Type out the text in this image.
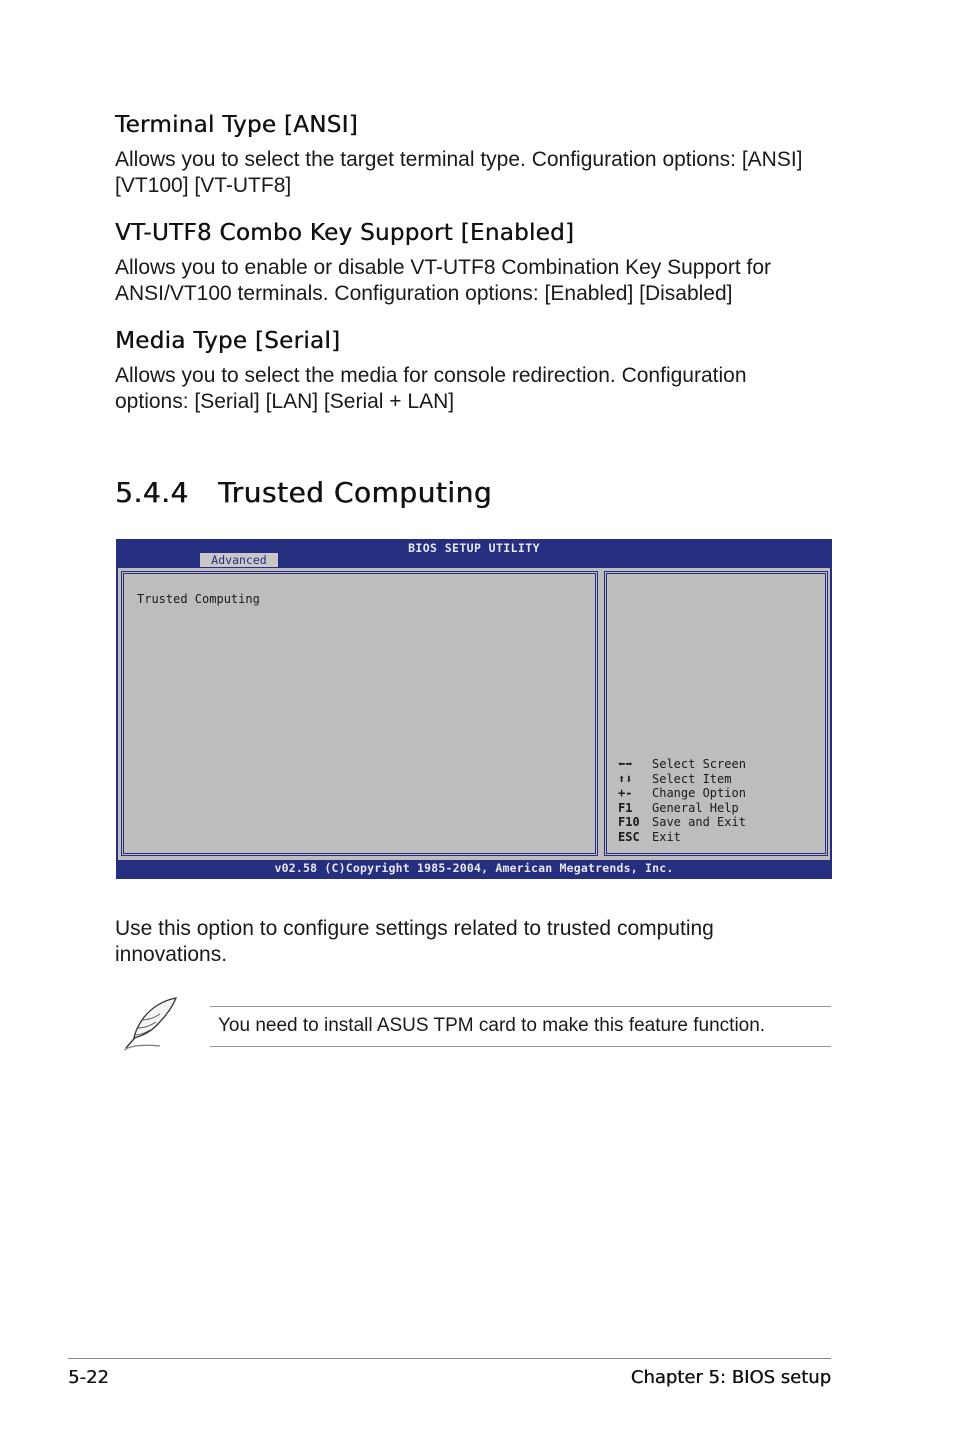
Terminal Type [ANSI]

Allows you to select the target terminal type. Configuration options: [ANSI]
[VT100] [VT-UTF8]

VT-UTF8 Combo Key Support [Enabled]

Allows you to enable or disable VT-UTF8 Combination Key Support for
ANSI/VT100 terminals. Configuration options: [Enabled] [Disabled]

Media Type [Serial]

Allows you to select the media for console redirection. Configuration
options: [Serial] [LAN] [Serial + LAN]

5.4.4 Trusted Computing
BIOS SETUP UTILITY
Advanced
Trusted Computing
⬅➡ Select Screen
⬆⬇ Select Item
+- Change Option
F1 General Help
F10 Save and Exit
ESC Exit
v02.58 (C)Copyright 1985-2004, American Megatrends, Inc.

Use this option to configure settings related to trusted computing
innovations.

You need to install ASUS TPM card to make this feature function.
5-22	Chapter 5: BIOS setup
